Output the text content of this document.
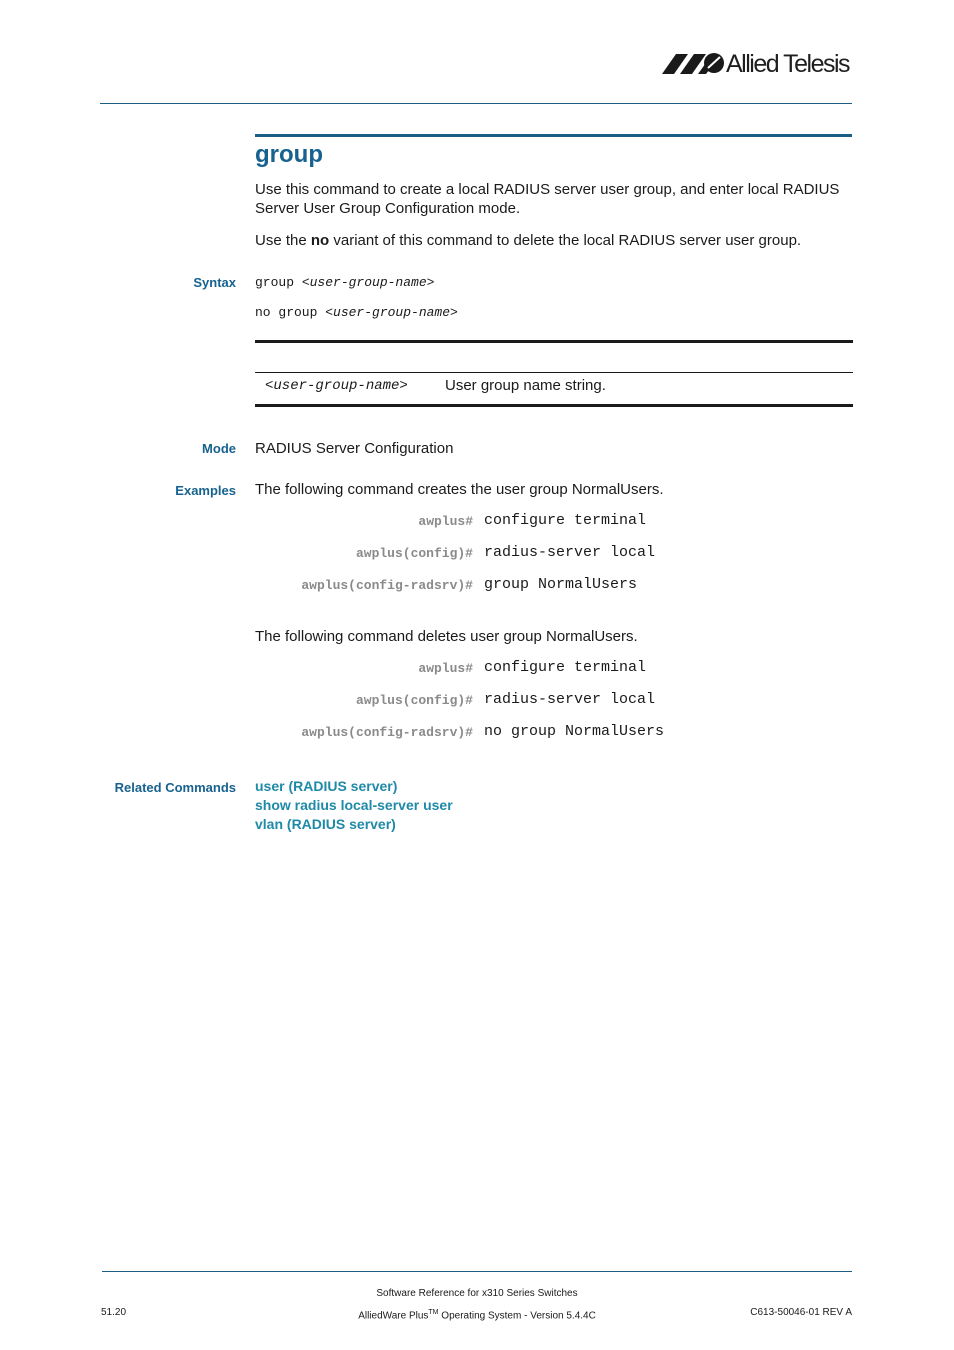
Allied Telesis
group
Use this command to create a local RADIUS server user group, and enter local RADIUS Server User Group Configuration mode.
Use the no variant of this command to delete the local RADIUS server user group.
Syntax group <user-group-name>
no group <user-group-name>
<user-group-name> User group name string.
Mode RADIUS Server Configuration
Examples The following command creates the user group NormalUsers.
awplus# configure terminal
awplus(config)# radius-server local
awplus(config-radsrv)# group NormalUsers
The following command deletes user group NormalUsers.
awplus# configure terminal
awplus(config)# radius-server local
awplus(config-radsrv)# no group NormalUsers
Related Commands user (RADIUS server)
show radius local-server user
vlan (RADIUS server)
Software Reference for x310 Series Switches
51.20	AlliedWare Plus™ Operating System - Version 5.4.4C	C613-50046-01 REV A
